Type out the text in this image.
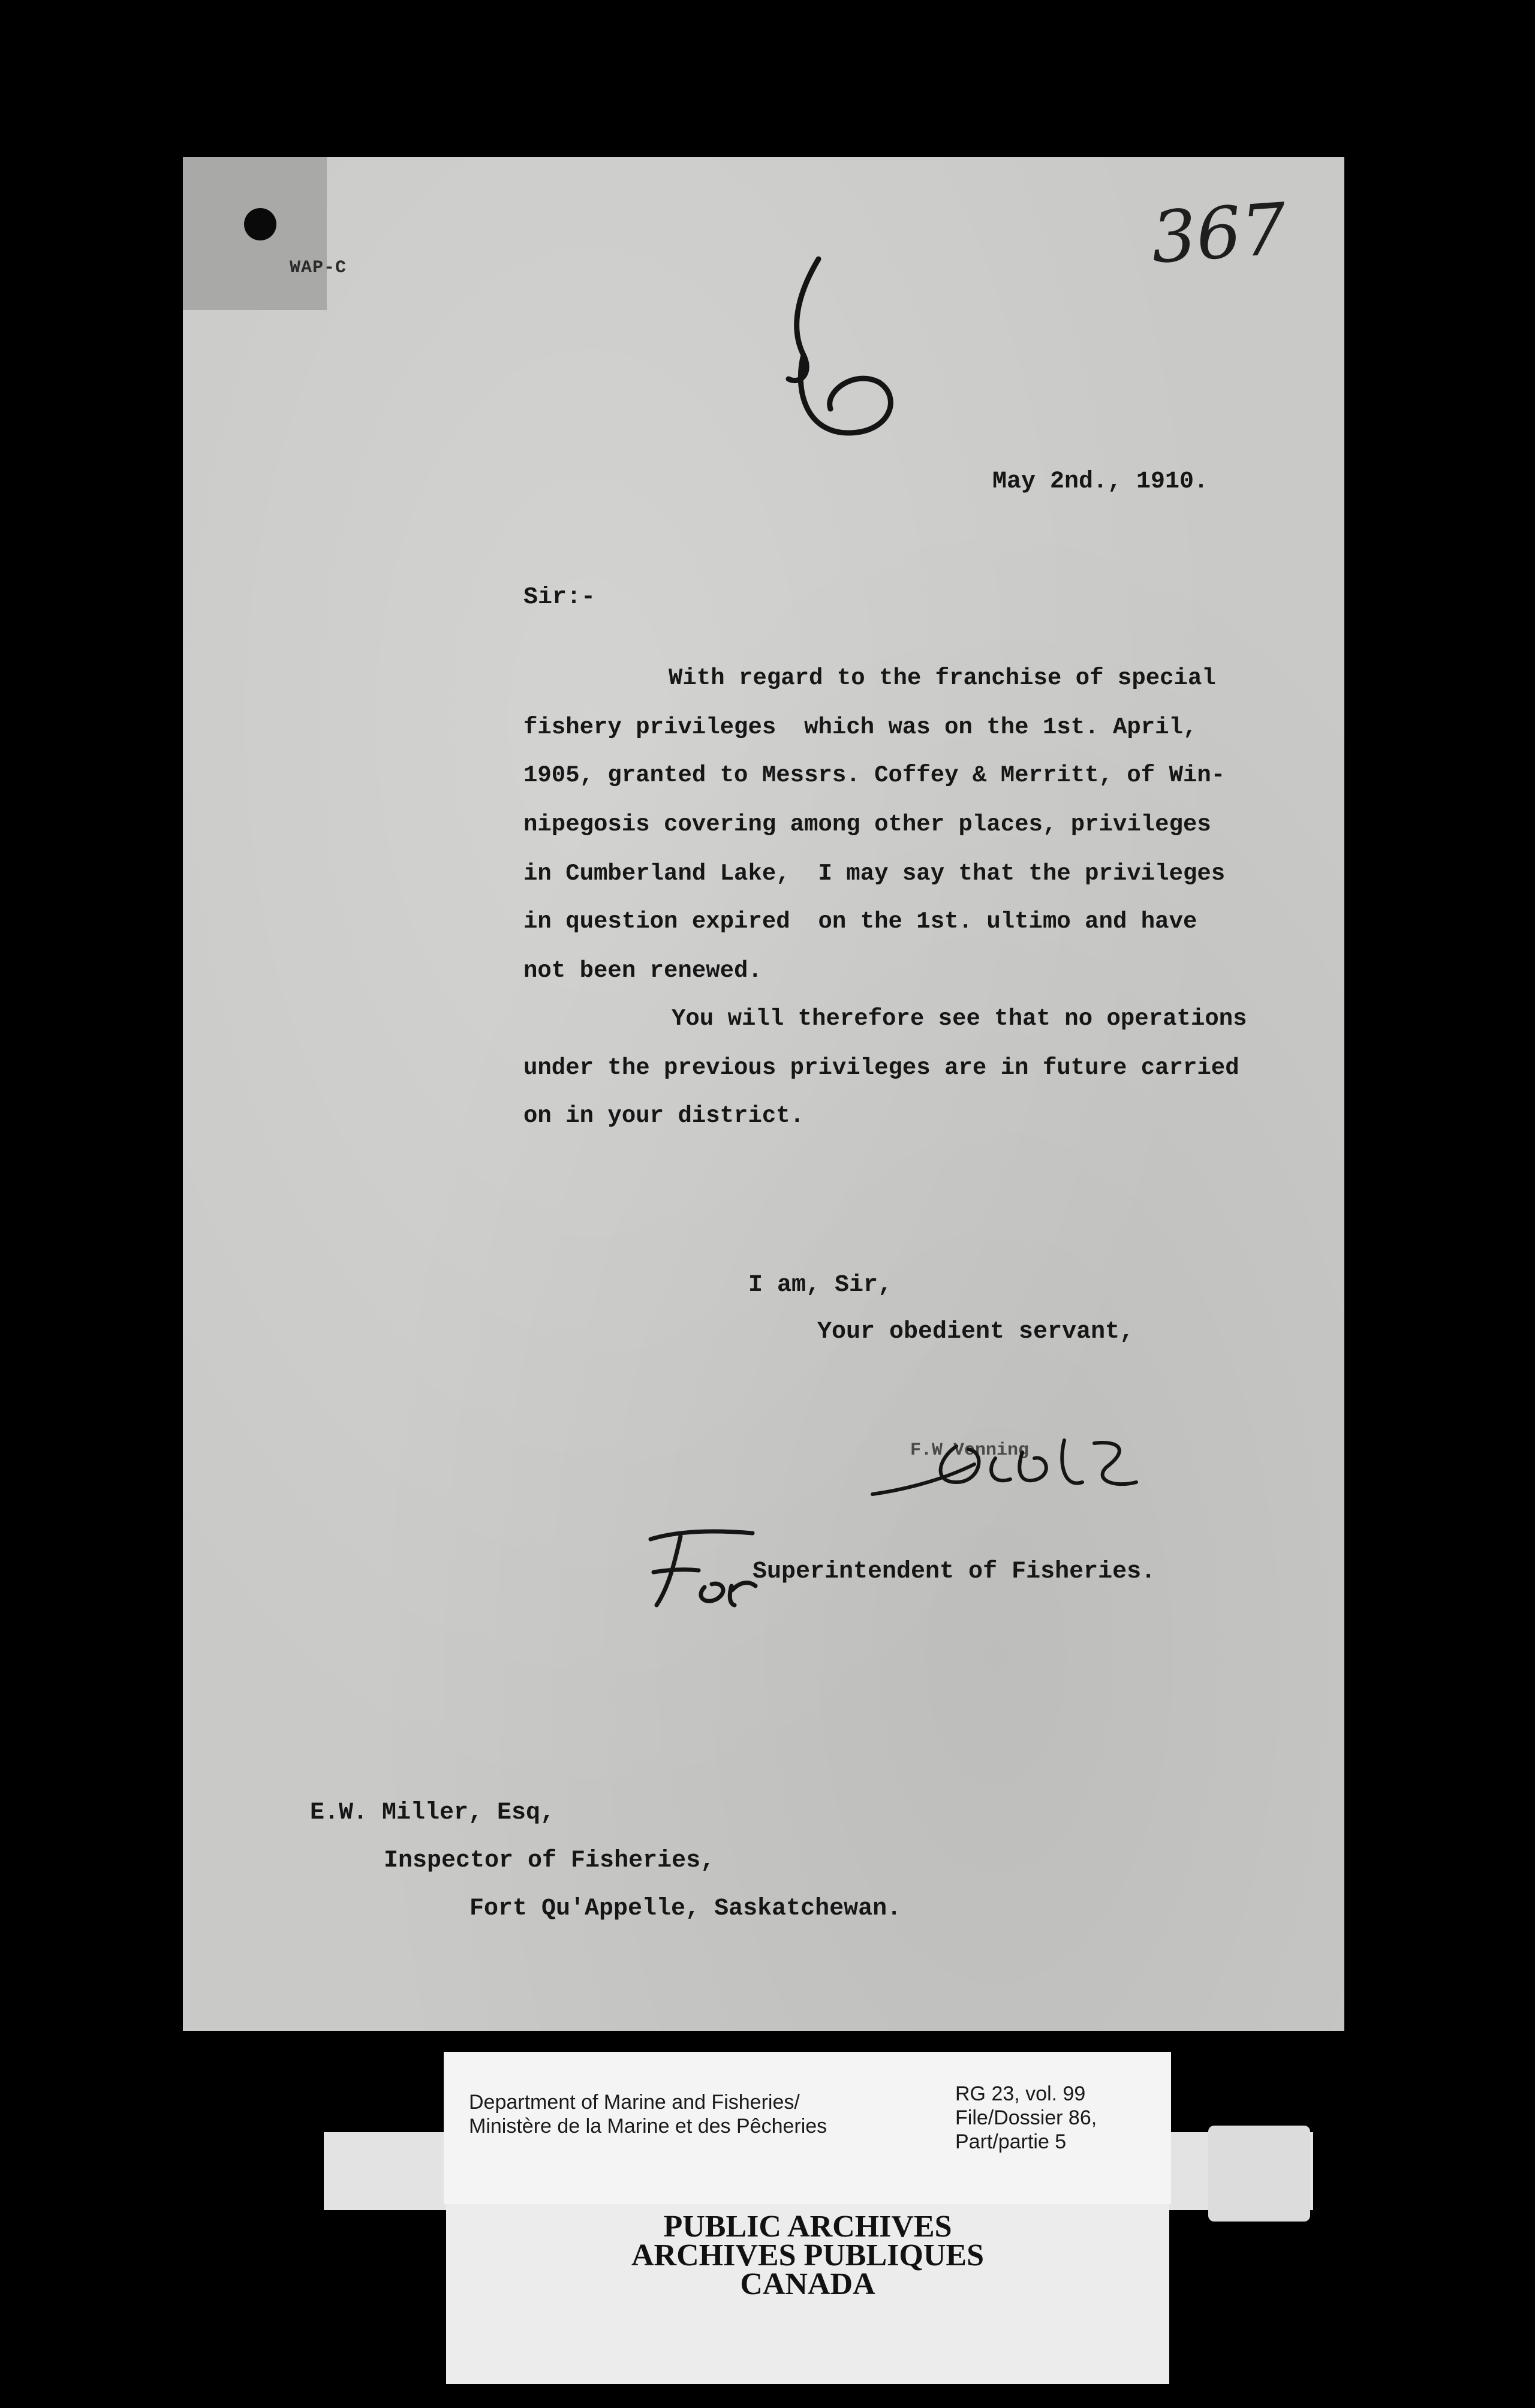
WAP-C	367
May 2nd., 1910.
Sir:-
With regard to the franchise of special
fishery privileges  which was on the 1st. April,
1905, granted to Messrs. Coffey & Merritt, of Win-
nipegosis covering among other places, privileges
in Cumberland Lake,  I may say that the privileges
in question expired  on the 1st. ultimo and have
not been renewed.
You will therefore see that no operations
under the previous privileges are in future carried
on in your district.
I am, Sir,
Your obedient servant,
F.W.Venning
Superintendent of Fisheries.
E.W. Miller, Esq,
Inspector of Fisheries,
Fort Qu'Appelle, Saskatchewan.
Department of Marine and Fisheries/
Ministère de la Marine et des Pêcheries
RG 23, vol. 99
File/Dossier 86,
Part/partie 5
PUBLIC ARCHIVES
ARCHIVES PUBLIQUES
CANADA
